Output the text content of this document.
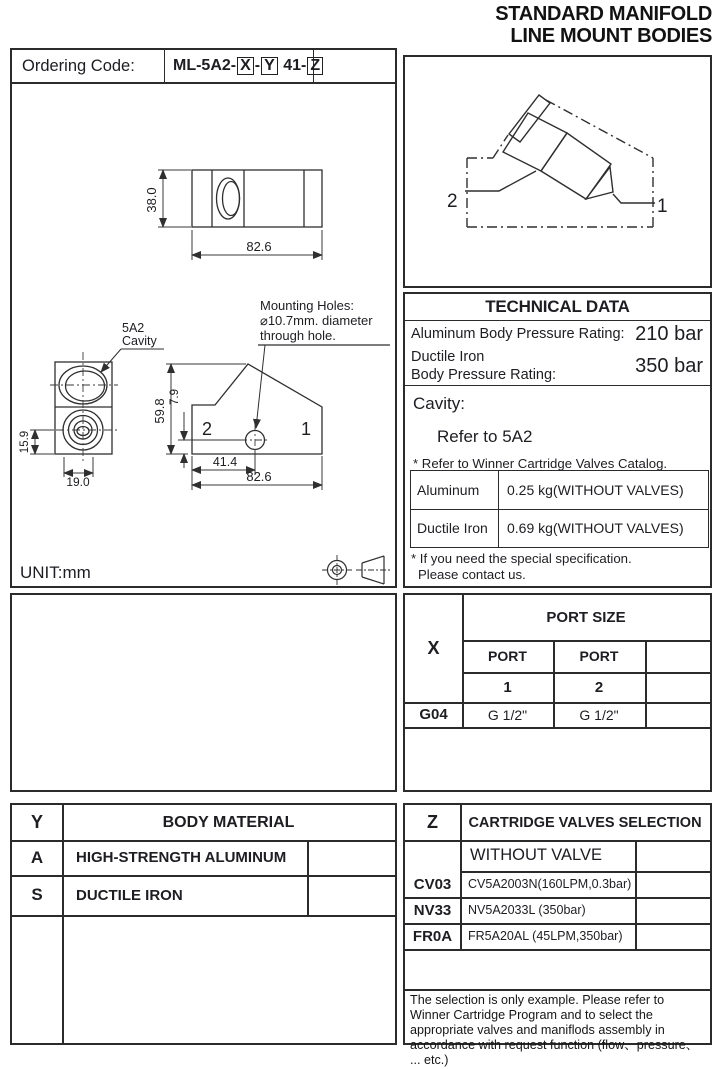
STANDARD MANIFOLD
LINE MOUNT BODIES
Ordering Code:	ML-5A2- X - Y 41- Z
38.0
82.6
15.9
19.0
5A2
Cavity
Mounting Holes:
⌀10.7mm. diameter
through hole.
2	1
59.8
7.9
41.4
82.6
UNIT:mm
2	1
TECHNICAL DATA
Aluminum Body Pressure Rating: 210 bar
Ductile Iron
Body Pressure Rating:	350 bar
Cavity:
Refer to 5A2
* Refer to Winner Cartridge Valves Catalog.
Aluminum	0.25 kg(WITHOUT VALVES)
Ductile Iron	0.69 kg(WITHOUT VALVES)
* If you need the special specification.
Please contact us.
X
PORT SIZE
PORT	PORT
1	2
G04	G 1/2"	G 1/2"
Y	BODY MATERIAL
A	HIGH-STRENGTH ALUMINUM
S	DUCTILE IRON
Z	CARTRIDGE VALVES SELECTION
WITHOUT VALVE
CV03	CV5A2003N(160LPM,0.3bar)
NV33	NV5A2033L (350bar)
FR0A	FR5A20AL (45LPM,350bar)
The selection is only example. Please refer to Winner Cartridge Program and to select the appropriate valves and maniflods assembly in accordance with request function (flow、pressure、 ... etc.)
